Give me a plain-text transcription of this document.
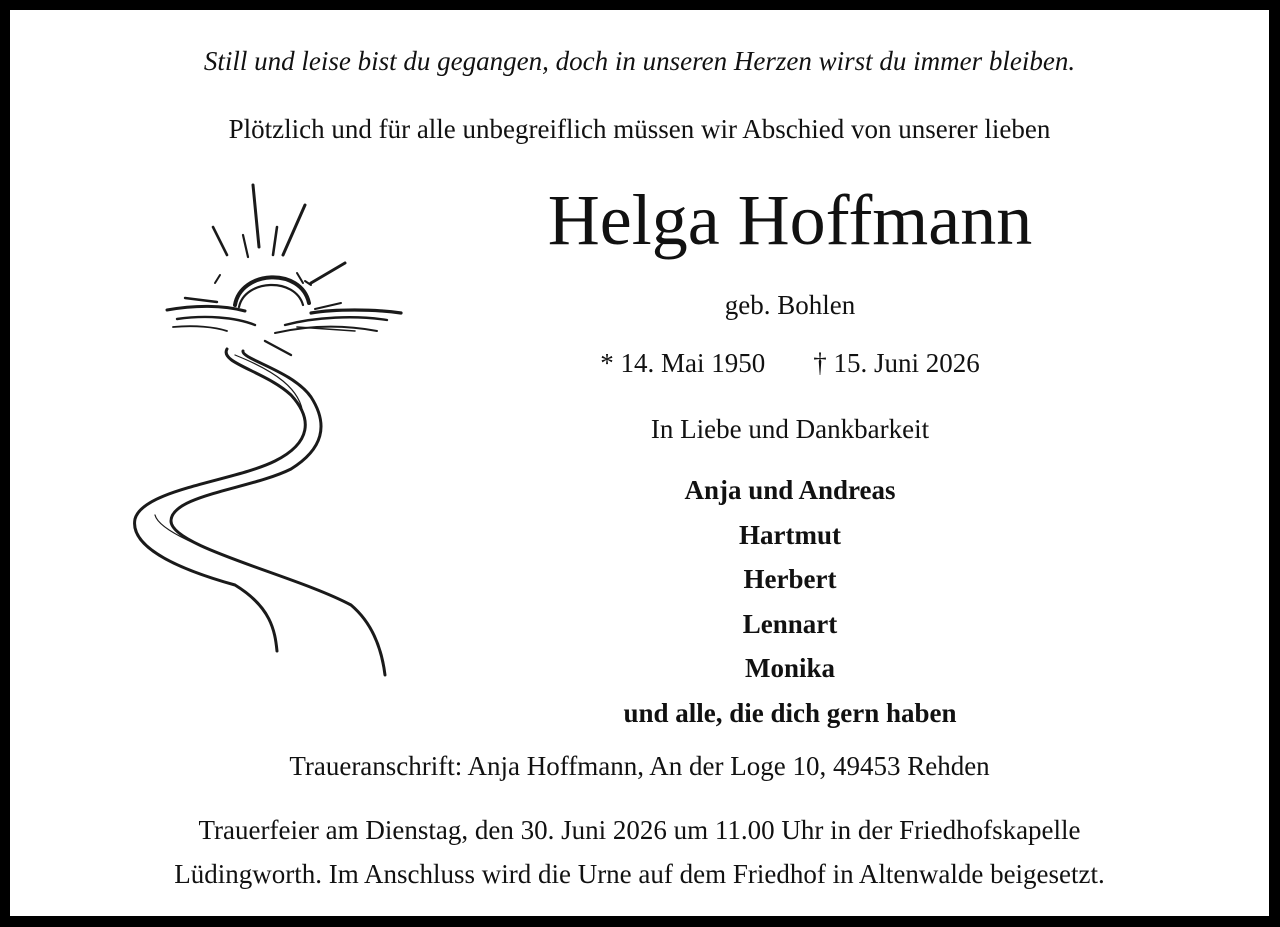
Still und leise bist du gegangen, doch in unseren Herzen wirst du immer bleiben.
Plötzlich und für alle unbegreiflich müssen wir Abschied von unserer lieben
Helga Hoffmann
geb. Bohlen
* 14. Mai 1950 † 15. Juni 2026
In Liebe und Dankbarkeit
Anja und Andreas
Hartmut
Herbert
Lennart
Monika
und alle, die dich gern haben
Traueranschrift: Anja Hoffmann, An der Loge 10, 49453 Rehden
Trauerfeier am Dienstag, den 30. Juni 2026 um 11.00 Uhr in der Friedhofskapelle
Lüdingworth. Im Anschluss wird die Urne auf dem Friedhof in Altenwalde beigesetzt.
